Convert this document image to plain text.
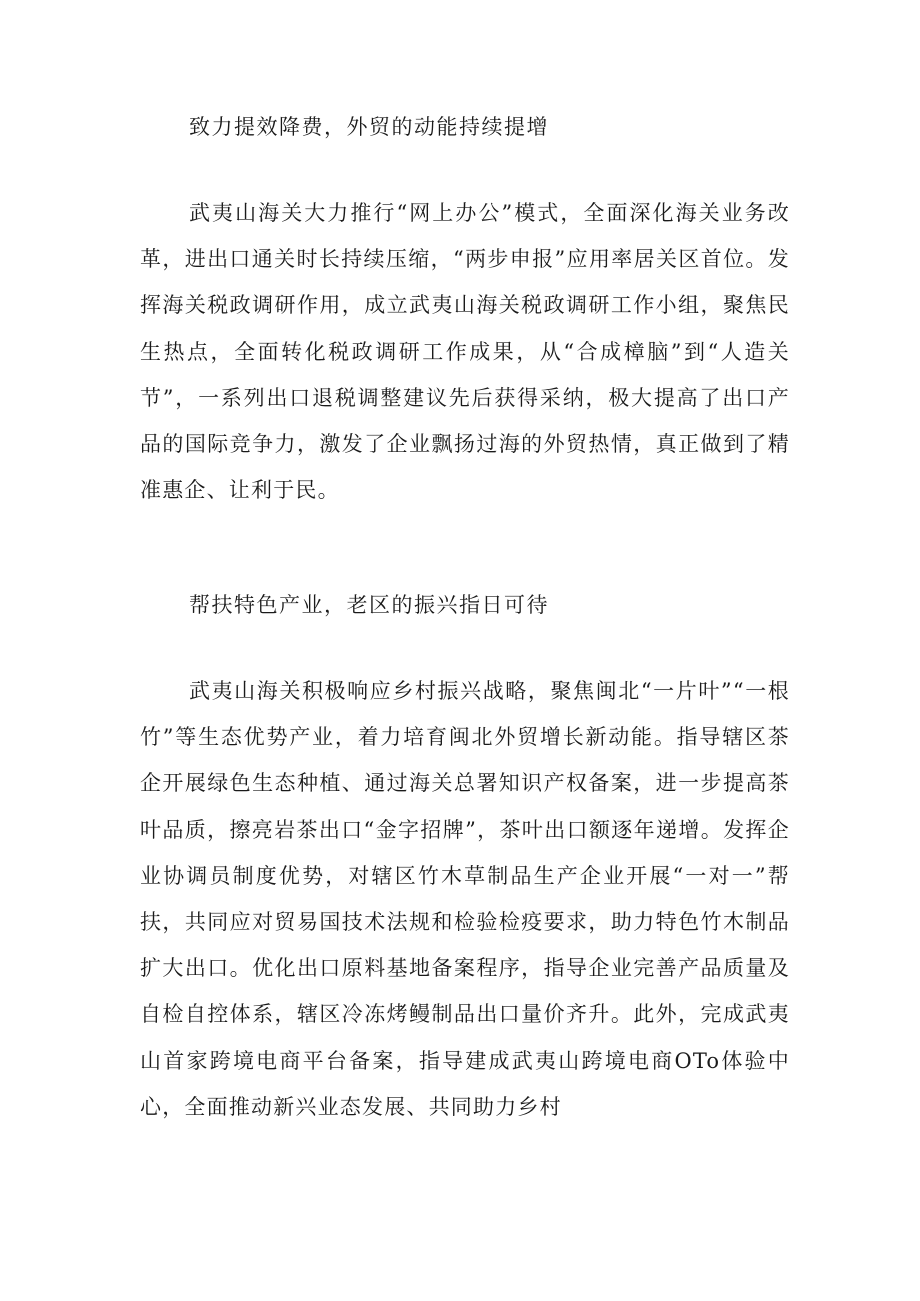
致力提效降费，外贸的动能持续提增
武夷山海关大力推行“网上办公”模式，全面深化海关业务改革，进出口通关时长持续压缩，“两步申报”应用率居关区首位。发挥海关税政调研作用，成立武夷山海关税政调研工作小组，聚焦民生热点，全面转化税政调研工作成果，从“合成樟脑”到“人造关节”，一系列出口退税调整建议先后获得采纳，极大提高了出口产品的国际竞争力，激发了企业飘扬过海的外贸热情，真正做到了精准惠企、让利于民。
帮扶特色产业，老区的振兴指日可待
武夷山海关积极响应乡村振兴战略，聚焦闽北“一片叶”“一根竹”等生态优势产业，着力培育闽北外贸增长新动能。指导辖区茶企开展绿色生态种植、通过海关总署知识产权备案，进一步提高茶叶品质，擦亮岩茶出口“金字招牌”，茶叶出口额逐年递增。发挥企业协调员制度优势，对辖区竹木草制品生产企业开展“一对一”帮扶，共同应对贸易国技术法规和检验检疫要求，助力特色竹木制品扩大出口。优化出口原料基地备案程序，指导企业完善产品质量及自检自控体系，辖区冷冻烤鳗制品出口量价齐升。此外，完成武夷山首家跨境电商平台备案，指导建成武夷山跨境电商OTo体验中心，全面推动新兴业态发展、共同助力乡村
